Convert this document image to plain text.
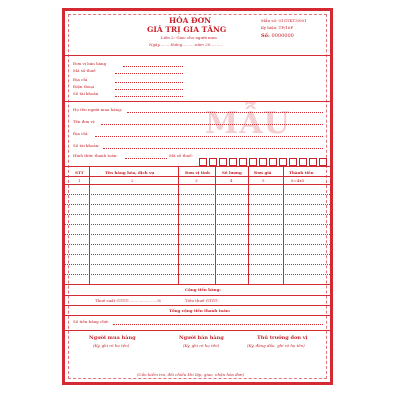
HÓA ĐƠN
GIÁ TRỊ GIA TĂNG
Liên 2: Giao cho người mua
Ngày.........tháng..........năm 20..........
Mẫu số: 01GTKT3/001
Ký hiệu: TP/16P
Số: 0000000
Đơn vị bán hàng
Mã số thuế
Địa chỉ
Điện thoại
Số tài khoản
MẪU
Họ tên người mua hàng:
Tên đơn vị:
Địa chỉ:
Số tài khoản:
Hình thức thanh toán:	Mã số thuế:
STT	Tên hàng hóa, dịch vụ	Đơn vị tính	Số lượng	Đơn giá	Thành tiền
1	2	3	4	5	6=4x5
Cộng tiền hàng:
Thuế suất GTGT:......................%	Tiền thuế GTGT:
Tổng cộng tiền thanh toán:
Số tiền bằng chữ:
Người mua hàng
(Ký, ghi rõ họ tên)
Người bán hàng
(Ký, ghi rõ họ tên)
Thủ trưởng đơn vị
(Ký, đóng dấu, ghi rõ họ tên)
(Cần kiểm tra, đối chiếu khi lập, giao, nhận hóa đơn)
